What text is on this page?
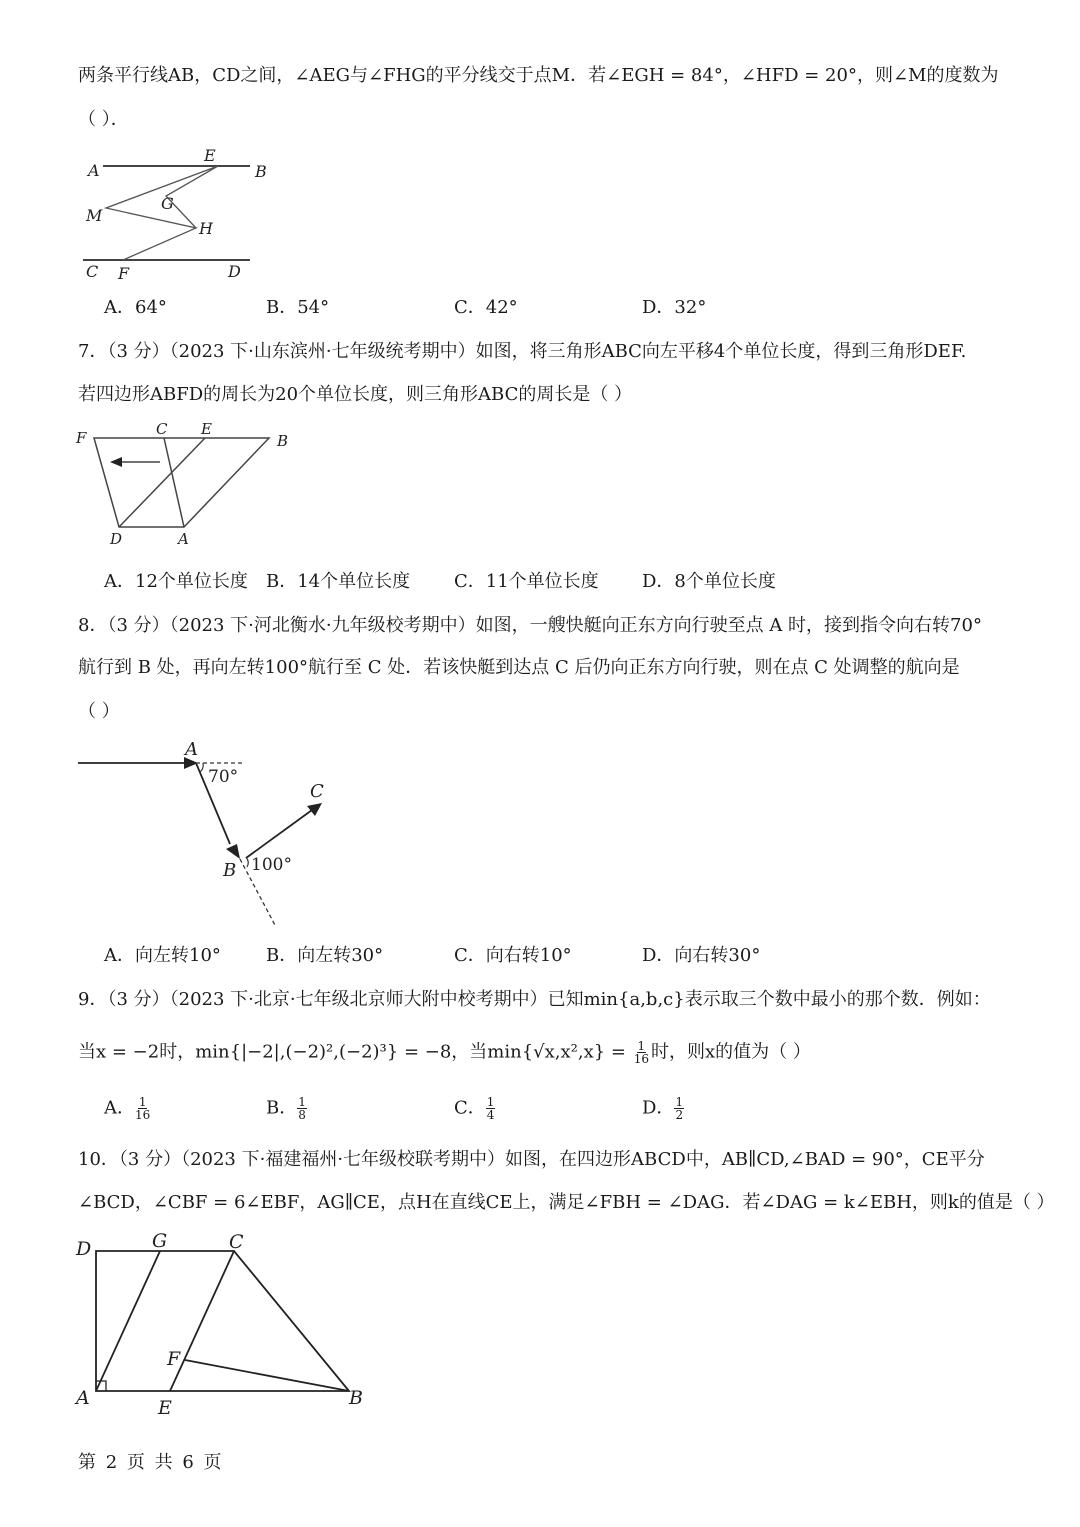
两条平行线AB，CD之间，∠AEG与∠FHG的平分线交于点M．若∠EGH = 84°，∠HFD = 20°，则∠M的度数为
（ ）．
A
E
B
G
M
H
C F	D
A．64°	B．54°	C．42°	D．32°
7．（3 分）（2023 下·山东滨州·七年级统考期中）如图，将三角形ABC向左平移4个单位长度，得到三角形DEF.
若四边形ABFD的周长为20个单位长度，则三角形ABC的周长是（ ）
F	C E
B
D	A
A．12个单位长度 B．14个单位长度 C．11个单位长度 D．8个单位长度
8．（3 分）（2023 下·河北衡水·九年级校考期中）如图，一艘快艇向正东方向行驶至点 A 时，接到指令向右转70°
航行到 B 处，再向左转100°航行至 C 处．若该快艇到达点 C 后仍向正东方向行驶，则在点 C 处调整的航向是
（ ）
A
B
C
70°
100°
A．向左转10°	B．向左转30°	C．向右转10°	D．向右转30°
9．（3 分）（2023 下·北京·七年级北京师大附中校考期中）已知min{a,b,c}表示取三个数中最小的那个数．例如：
当x = −2时，min{|−2|,(−2)²,(−2)³} = −8，当$\min\{√x,x^2,x\} = \frac{1}{16}$ 时，则x的值为（ ）
A． $\frac{1}{16}$	B． $\frac{1}{8}$	C． $\frac{1}{4}$	D． $\frac{1}{2}$
10．（3 分）（2023 下·福建福州·七年级校联考期中）如图，在四边形ABCD中，AB∥CD,∠BAD = 90°，CE平分
∠BCD，∠CBF = 6∠EBF，AG∥CE，点H在直线CE上，满足∠FBH = ∠DAG．若∠DAG = k∠EBH，则k的值是（ ）
D	G	C
F
A	E	B
第 2 页 共 6 页
